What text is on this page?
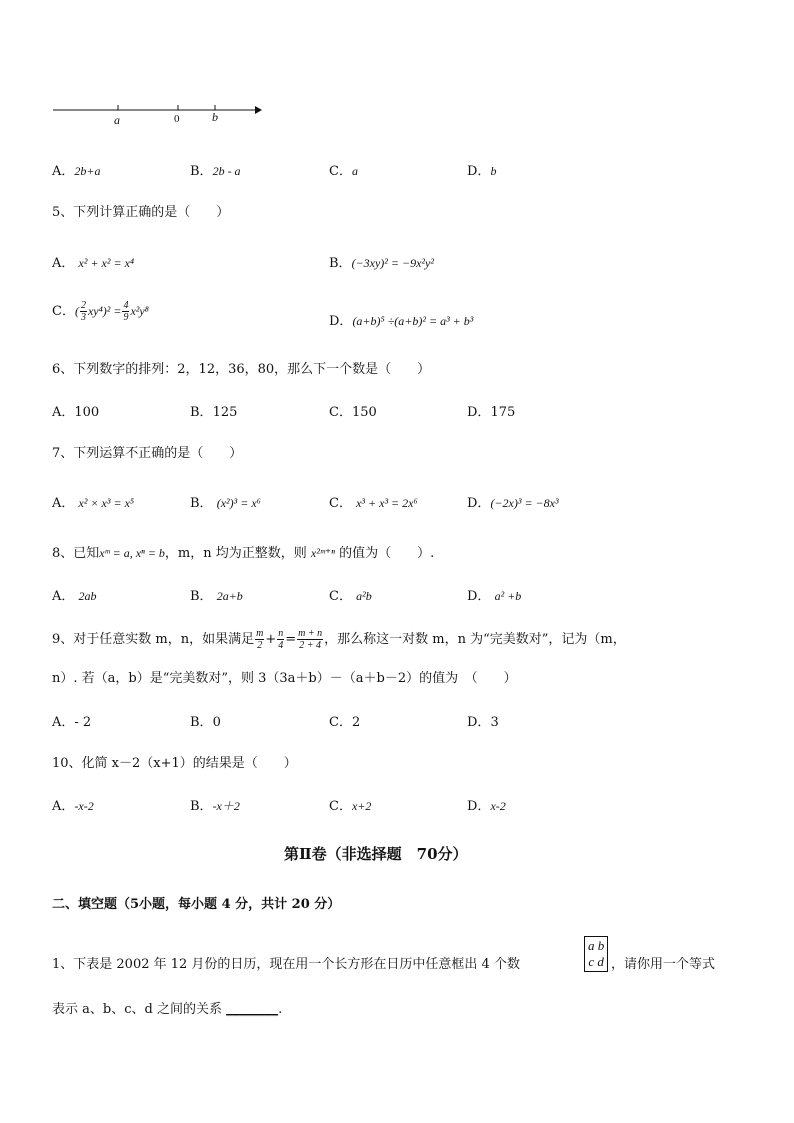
a	0	b
A．2b+a	B．2b - a	C．a	D．b
5、下列计算正确的是（　　）
A． x² + x² = x⁴	B．(−3xy)² = −9x²y²
C．( $\frac{2}{3} xy^4)^2 = \frac{4}{9} x^2y^8$
D．(a+b)⁵ ÷(a+b)² = a³ + b³
6、下列数字的排列：2，12，36，80，那么下一个数是（　　）
A．100	B．125	C．150	D．175
7、下列运算不正确的是（　　）
A． x² × x³ = x⁵	B． (x²)³ = x⁶	C． x³ + x³ = 2x⁶	D．(−2x)³ = −8x³
8、已知xᵐ = a, xⁿ = b，m，n 均为正整数，则 x²ᵐ⁺ⁿ 的值为（　　）.
A． 2ab	B． 2a+b	C． a²b	D． a² +b
9、对于任意实数 m，n，如果满足 $\frac{m}{2} + \frac{n}{4} = \frac{m + n}{2 + 4}$ ，那么称这一对数 m，n 为“完美数对”，记为（m，
n）. 若（a，b）是“完美数对”，则 3（3a＋b）－（a＋b－2）的值为　（　　）
A．- 2	B．0	C．2	D．3
10、化简 x－2（x+1）的结果是（　　）
A．-x-2	B．-x＋2	C．x+2	D．x-2
第Ⅱ卷（非选择题　70分）
二、填空题（5小题，每小题 4 分，共计 20 分）
1、下表是 2002 年 12 月份的日历，现在用一个长方形在日历中任意框出 4 个数
a b
c d ，请你用一个等式
表示 a、b、c、d 之间的关系 ________.
